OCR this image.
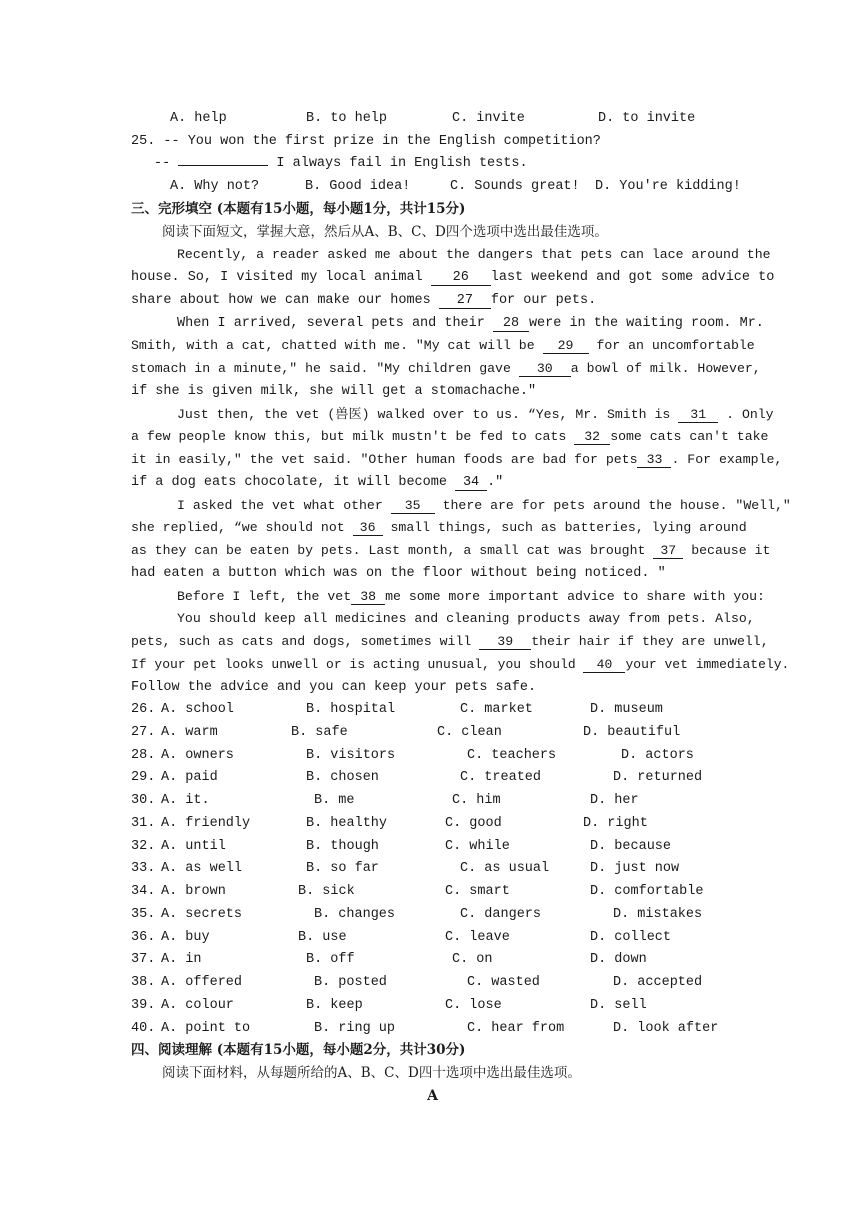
A. help	B. to help	C. invite	D. to invite
25. -- You won the first prize in the English competition?
--	I always fail in English tests.
A. Why not?	B. Good idea!	C. Sounds great! D. You're kidding!
三、完形填空 (本题有15小题，每小题1分，共计15分)
阅读下面短文，掌握大意，然后从A、B、C、D四个选项中选出最佳选项。
Recently, a reader asked me about the dangers that pets can lace around the
house. So, I visited my local animal 26 last weekend and got some advice to
share about how we can make our homes 27 for our pets.
When I arrived, several pets and their 28 were in the waiting room. Mr.
Smith, with a cat, chatted with me. "My cat will be 29 for an uncomfortable
stomach in a minute," he said. "My children gave 30 a bowl of milk. However,
if she is given milk, she will get a stomachache."
Just then, the vet (兽医) walked over to us. “Yes, Mr. Smith is 31 . Only
a few people know this, but milk mustn't be fed to cats 32 some cats can't take
it in easily," the vet said. "Other human foods are bad for pets 33 . For example,
if a dog eats chocolate, it will become 34 ."
I asked the vet what other 35 there are for pets around the house. "Well,"
she replied, “we should not 36 small things, such as batteries, lying around
as they can be eaten by pets. Last month, a small cat was brought 37 because it
had eaten a button which was on the floor without being noticed. "
Before I left, the vet 38 me some more important advice to share with you:
You should keep all medicines and cleaning products away from pets. Also,
pets, such as cats and dogs, sometimes will 39 their hair if they are unwell,
If your pet looks unwell or is acting unusual, you should 40 your vet immediately.
Follow the advice and you can keep your pets safe.
26. A. school	B. hospital	C. market	D. museum
27. A. warm	B. safe	C. clean	D. beautiful
28. A. owners	B. visitors	C. teachers	D. actors
29. A. paid	B. chosen	C. treated	D. returned
30. A. it.	B. me	C. him	D. her
31. A. friendly	B. healthy	C. good	D. right
32. A. until	B. though	C. while	D. because
33. A. as well	B. so far	C. as usual	D. just now
34. A. brown	B. sick	C. smart	D. comfortable
35. A. secrets	B. changes	C. dangers	D. mistakes
36. A. buy	B. use	C. leave	D. collect
37. A. in	B. off	C. on	D. down
38. A. offered	B. posted	C. wasted	D. accepted
39. A. colour	B. keep	C. lose	D. sell
40. A. point to	B. ring up	C. hear from	D. look after
四、阅读理解 (本题有15小题，每小题2分，共计30分)
阅读下面材料，从每题所给的A、B、C、D四十选项中选出最佳选项。
A
